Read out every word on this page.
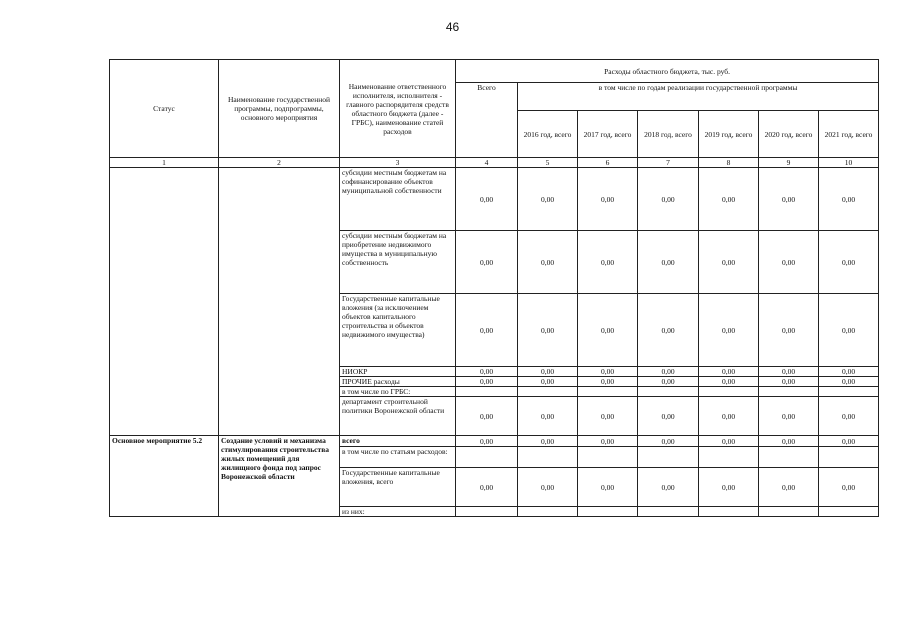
46
Статус	Наименование государственной программы, подпрограммы, основного мероприятия	Наименование ответственного исполнителя, исполнителя - главного распорядителя средств областного бюджета (далее - ГРБС), наименование статей расходов	Расходы областного бюджета, тыс. руб.						
			Всего	в том числе по годам реализации государственной программы					
				2016 год, всего	2017 год, всего	2018 год, всего	2019 год, всего	2020 год, всего	2021 год, всего
1	2	3	4	5	6	7	8	9	10
		субсидии местным бюджетам на софинансирование объектов муниципальной собственности	0,00	0,00	0,00	0,00	0,00	0,00	0,00
		субсидии местным бюджетам на приобретение недвижимого имущества в муниципальную собственность	0,00	0,00	0,00	0,00	0,00	0,00	0,00
		Государственные капитальные вложения (за исключением объектов капитального строительства и объектов недвижимого имущества)	0,00	0,00	0,00	0,00	0,00	0,00	0,00
		НИОКР	0,00	0,00	0,00	0,00	0,00	0,00	0,00
		ПРОЧИЕ расходы	0,00	0,00	0,00	0,00	0,00	0,00	0,00
		в том числе по ГРБС:							
		департамент строительной политики Воронежской области	0,00	0,00	0,00	0,00	0,00	0,00	0,00
Основное мероприятие 5.2	Создание условий и механизма стимулирования строительства жилых помещений для жилищного фонда под запрос Воронежской области	всего	0,00	0,00	0,00	0,00	0,00	0,00	0,00
		в том числе по статьям расходов:							
		Государственные капитальные вложения, всего	0,00	0,00	0,00	0,00	0,00	0,00	0,00
		из них:							
